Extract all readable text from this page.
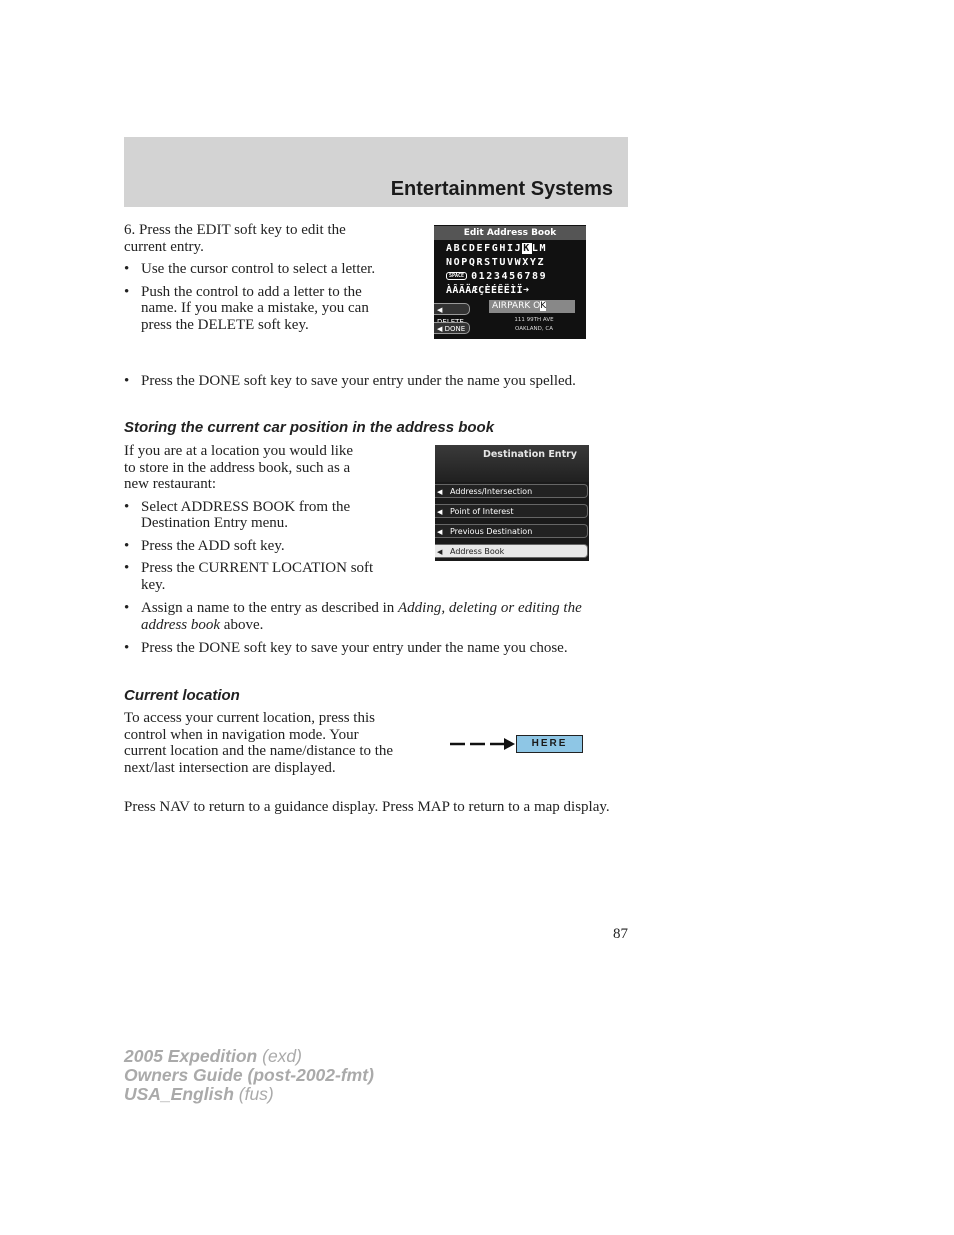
Entertainment Systems

6. Press the EDIT soft key to edit the current entry.

• Use the cursor control to select a letter.

• Push the control to add a letter to the name. If you make a mistake, you can press the DELETE soft key.

• Press the DONE soft key to save your entry under the name you spelled.

Edit Address Book
ABCDEFGHIJKLM
NOPQRSTUVWXYZ
SPACE 0123456789
ÀÂÃÄÆÇÈÉÊËÌÏ➜
◀
◀ DONE
AIRPARK OK
111 99TH AVE
OAKLAND, CA
Storing the current car position in the address book

If you are at a location you would like to store in the address book, such as a new restaurant:

• Select ADDRESS BOOK from the Destination Entry menu.

• Press the ADD soft key.

• Press the CURRENT LOCATION soft key.

• Assign a name to the entry as described in Adding, deleting or editing the address book above.

• Press the DONE soft key to save your entry under the name you chose.

Destination Entry
◀ Address/Intersection
◀ Point of Interest
◀ Previous Destination
◀ Address Book
Current location

To access your current location, press this control when in navigation mode. Your current location and the name/distance to the next/last intersection are displayed.

HERE

Press NAV to return to a guidance display. Press MAP to return to a map display.

87
2005 Expedition (exd)
Owners Guide (post-2002-fmt)
USA_English (fus)
